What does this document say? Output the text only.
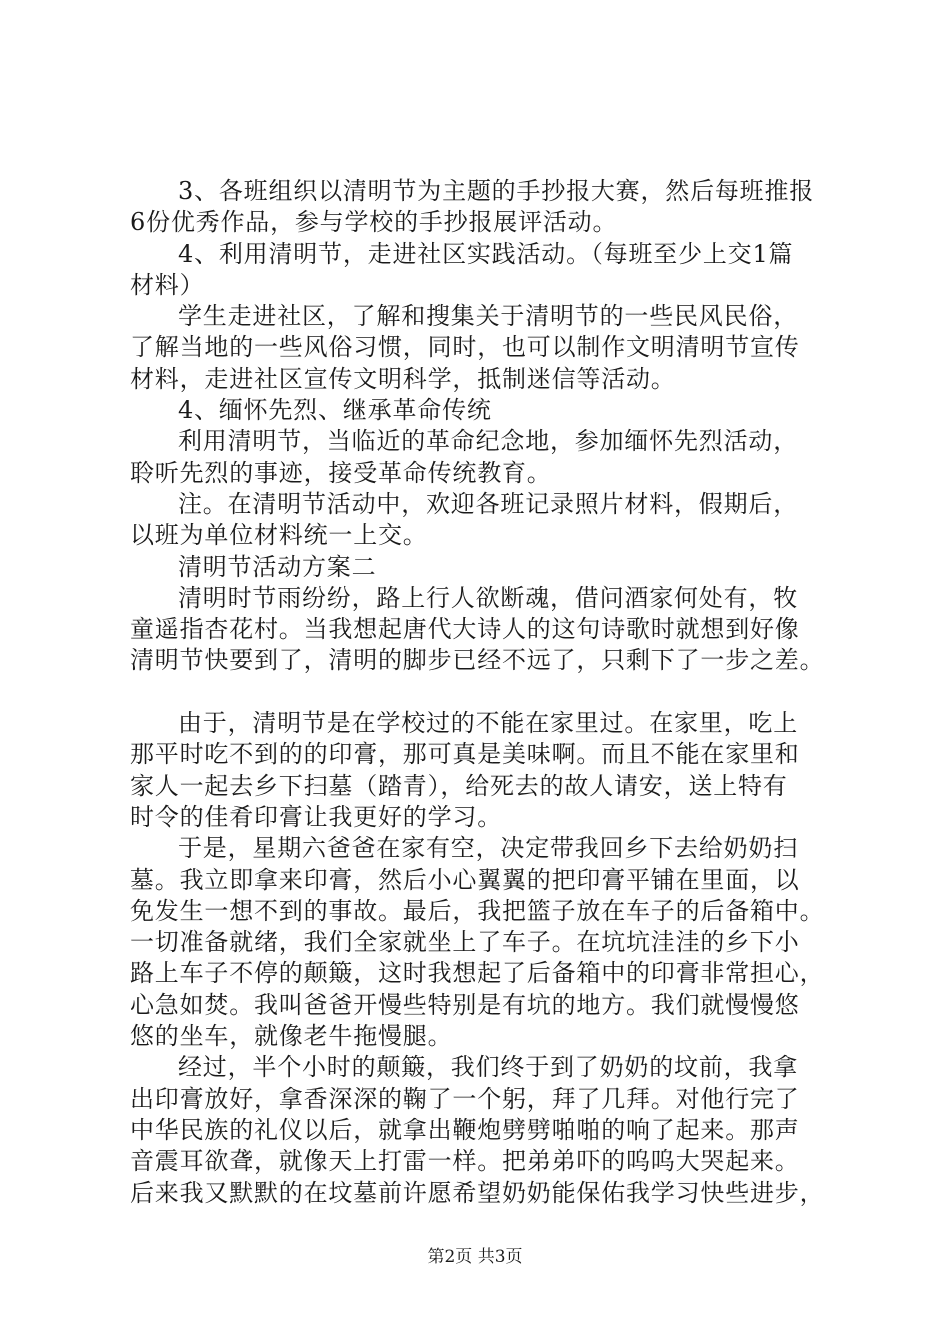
3、各班组织以清明节为主题的手抄报大赛，然后每班推报
6份优秀作品，参与学校的手抄报展评活动。
4、利用清明节，走进社区实践活动。（每班至少上交1篇
材料）
学生走进社区，了解和搜集关于清明节的一些民风民俗，
了解当地的一些风俗习惯，同时，也可以制作文明清明节宣传
材料，走进社区宣传文明科学，抵制迷信等活动。
4、缅怀先烈、继承革命传统
利用清明节，当临近的革命纪念地，参加缅怀先烈活动，
聆听先烈的事迹，接受革命传统教育。
注。在清明节活动中，欢迎各班记录照片材料，假期后，
以班为单位材料统一上交。
清明节活动方案二
清明时节雨纷纷，路上行人欲断魂，借问酒家何处有，牧
童遥指杏花村。当我想起唐代大诗人的这句诗歌时就想到好像
清明节快要到了，清明的脚步已经不远了，只剩下了一步之差。
由于，清明节是在学校过的不能在家里过。在家里，吃上
那平时吃不到的的印膏，那可真是美味啊。而且不能在家里和
家人一起去乡下扫墓（踏青），给死去的故人请安，送上特有
时令的佳肴印膏让我更好的学习。
于是，星期六爸爸在家有空，决定带我回乡下去给奶奶扫
墓。我立即拿来印膏，然后小心翼翼的把印膏平铺在里面，以
免发生一想不到的事故。最后，我把篮子放在车子的后备箱中。
一切准备就绪，我们全家就坐上了车子。在坑坑洼洼的乡下小
路上车子不停的颠簸，这时我想起了后备箱中的印膏非常担心，
心急如焚。我叫爸爸开慢些特别是有坑的地方。我们就慢慢悠
悠的坐车，就像老牛拖慢腿。
经过，半个小时的颠簸，我们终于到了奶奶的坟前，我拿
出印膏放好，拿香深深的鞠了一个躬，拜了几拜。对他行完了
中华民族的礼仪以后，就拿出鞭炮劈劈啪啪的响了起来。那声
音震耳欲聋，就像天上打雷一样。把弟弟吓的呜呜大哭起来。
后来我又默默的在坟墓前许愿希望奶奶能保佑我学习快些进步，
第2页 共3页
